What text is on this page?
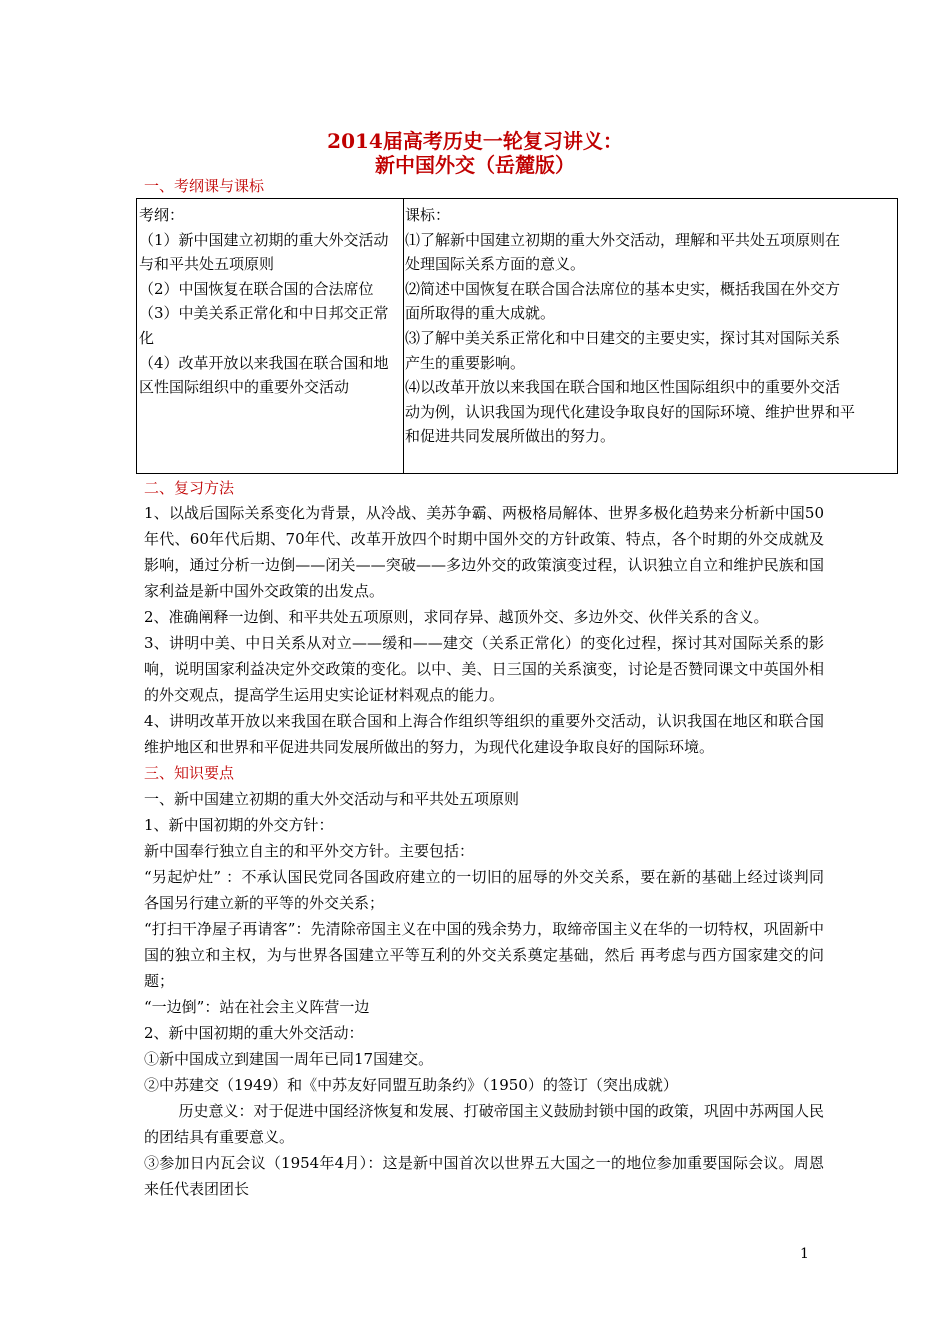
2014届高考历史一轮复习讲义：
新中国外交（岳麓版）
一、考纲课与课标
考纲：
（1）新中国建立初期的重大外交活动
与和平共处五项原则
（2）中国恢复在联合国的合法席位
（3）中美关系正常化和中日邦交正常
化
（4）改革开放以来我国在联合国和地
区性国际组织中的重要外交活动
课标：
⑴了解新中国建立初期的重大外交活动，理解和平共处五项原则在
处理国际关系方面的意义。
⑵简述中国恢复在联合国合法席位的基本史实，概括我国在外交方
面所取得的重大成就。
⑶了解中美关系正常化和中日建交的主要史实，探讨其对国际关系
产生的重要影响。
⑷以改革开放以来我国在联合国和地区性国际组织中的重要外交活
动为例，认识我国为现代化建设争取良好的国际环境、维护世界和平
和促进共同发展所做出的努力。
二、复习方法
1、以战后国际关系变化为背景，从冷战、美苏争霸、两极格局解体、世界多极化趋势来分析新中国50年代、60年代后期、70年代、改革开放四个时期中国外交的方针政策、特点，各个时期的外交成就及影响，通过分析一边倒——闭关——突破——多边外交的政策演变过程，认识独立自立和维护民族和国家利益是新中国外交政策的出发点。
2、准确阐释一边倒、和平共处五项原则，求同存异、越顶外交、多边外交、伙伴关系的含义。
3、讲明中美、中日关系从对立——缓和——建交（关系正常化）的变化过程，探讨其对国际关系的影响，说明国家利益决定外交政策的变化。以中、美、日三国的关系演变，讨论是否赞同课文中英国外相的外交观点，提高学生运用史实论证材料观点的能力。
4、讲明改革开放以来我国在联合国和上海合作组织等组织的重要外交活动，认识我国在地区和联合国维护地区和世界和平促进共同发展所做出的努力，为现代化建设争取良好的国际环境。
三、知识要点
一、新中国建立初期的重大外交活动与和平共处五项原则
1、新中国初期的外交方针：
新中国奉行独立自主的和平外交方针。主要包括：
“另起炉灶” ：不承认国民党同各国政府建立的一切旧的屈辱的外交关系，要在新的基础上经过谈判同各国另行建立新的平等的外交关系；
“打扫干净屋子再请客”：先清除帝国主义在中国的残余势力，取缔帝国主义在华的一切特权，巩固新中国的独立和主权，为与世界各国建立平等互利的外交关系奠定基础，然后 再考虑与西方国家建交的问题；
“一边倒”：站在社会主义阵营一边
2、新中国初期的重大外交活动：
①新中国成立到建国一周年已同17国建交。
②中苏建交（1949）和《中苏友好同盟互助条约》（1950）的签订（突出成就）
历史意义：对于促进中国经济恢复和发展、打破帝国主义鼓励封锁中国的政策，巩固中苏两国人民的团结具有重要意义。
③参加日内瓦会议（1954年4月）：这是新中国首次以世界五大国之一的地位参加重要国际会议。周恩来任代表团团长
1
